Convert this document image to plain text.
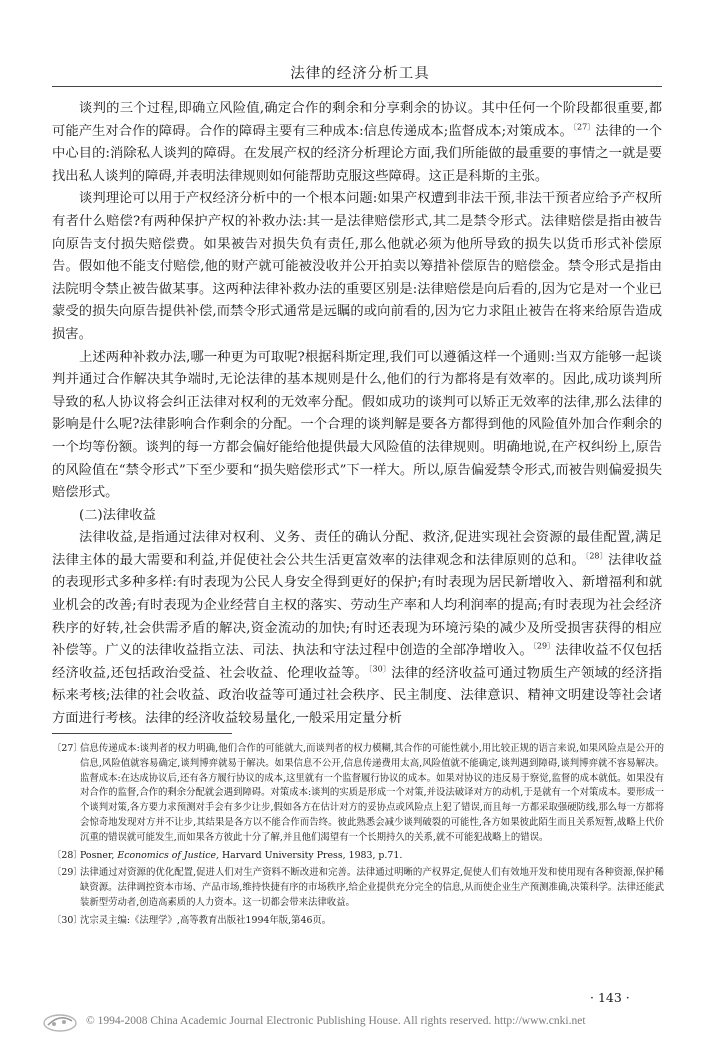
法律的经济分析工具

谈判的三个过程,即确立风险值,确定合作的剩余和分享剩余的协议。其中任何一个阶段都很重要,都可能产生对合作的障碍。合作的障碍主要有三种成本:信息传递成本;监督成本;对策成本。$^{〔27〕}$法律的一个中心目的:消除私人谈判的障碍。在发展产权的经济分析理论方面,我们所能做的最重要的事情之一就是要找出私人谈判的障碍,并表明法律规则如何能帮助克服这些障碍。这正是科斯的主张。

谈判理论可以用于产权经济分析中的一个根本问题:如果产权遭到非法干预,非法干预者应给予产权所有者什么赔偿?有两种保护产权的补救办法:其一是法律赔偿形式,其二是禁令形式。法律赔偿是指由被告向原告支付损失赔偿费。如果被告对损失负有责任,那么他就必须为他所导致的损失以货币形式补偿原告。假如他不能支付赔偿,他的财产就可能被没收并公开拍卖以筹措补偿原告的赔偿金。禁令形式是指由法院明令禁止被告做某事。这两种法律补救办法的重要区别是:法律赔偿是向后看的,因为它是对一个业已蒙受的损失向原告提供补偿,而禁令形式通常是远瞩的或向前看的,因为它力求阻止被告在将来给原告造成损害。

上述两种补救办法,哪一种更为可取呢?根据科斯定理,我们可以遵循这样一个通则:当双方能够一起谈判并通过合作解决其争端时,无论法律的基本规则是什么,他们的行为都将是有效率的。因此,成功谈判所导致的私人协议将会纠正法律对权利的无效率分配。假如成功的谈判可以矫正无效率的法律,那么法律的影响是什么呢?法律影响合作剩余的分配。一个合理的谈判解是要各方都得到他的风险值外加合作剩余的一个均等份额。谈判的每一方都会偏好能给他提供最大风险值的法律规则。明确地说,在产权纠纷上,原告的风险值在“禁令形式”下至少要和“损失赔偿形式”下一样大。所以,原告偏爱禁令形式,而被告则偏爱损失赔偿形式。

(二)法律收益

法律收益,是指通过法律对权利、义务、责任的确认分配、救济,促进实现社会资源的最佳配置,满足法律主体的最大需要和利益,并促使社会公共生活更富效率的法律观念和法律原则的总和。$^{〔28〕}$法律收益的表现形式多种多样:有时表现为公民人身安全得到更好的保护;有时表现为居民新增收入、新增福利和就业机会的改善;有时表现为企业经营自主权的落实、劳动生产率和人均利润率的提高;有时表现为社会经济秩序的好转,社会供需矛盾的解决,资金流动的加快;有时还表现为环境污染的减少及所受损害获得的相应补偿等。广义的法律收益指立法、司法、执法和守法过程中创造的全部净增收入。$^{〔29〕}$法律收益不仅包括经济收益,还包括政治受益、社会收益、伦理收益等。$^{〔30〕}$法律的经济收益可通过物质生产领域的经济指标来考核;法律的社会收益、政治收益等可通过社会秩序、民主制度、法律意识、精神文明建设等社会诸方面进行考核。法律的经济收益较易量化,一般采用定量分析

〔27〕
信息传递成本:谈判者的权力明确,他们合作的可能就大,而谈判者的权力模糊,其合作的可能性就小,用比较正规的语言来说,如果风险点是公开的信息,风险值就容易确定,谈判博弈就易于解决。如果信息不公开,信息传递费用太高,风险值就不能确定,谈判遇到障碍,谈判博弈就不容易解决。监督成本:在达成协议后,还有各方履行协议的成本,这里就有一个监督履行协议的成本。如果对协议的违反易于察觉,监督的成本就低。如果没有对合作的监督,合作的剩余分配就会遇到障碍。对策成本:谈判的实质是形成一个对策,并设法破译对方的动机,于是就有一个对策成本。要形成一个谈判对策,各方要力求预测对手会有多少让步,假如各方在估计对方的妥协点或风险点上犯了错误,而且每一方都采取强硬防线,那么每一方都将会惊奇地发现对方并不让步,其结果是各方以不能合作而告终。彼此熟悉会减少谈判破裂的可能性,各方如果彼此陌生而且关系短暂,战略上代价沉重的错误就可能发生,而如果各方彼此十分了解,并且他们渴望有一个长期持久的关系,就不可能犯战略上的错误。
〔28〕
Posner, Economics of Justice, Harvard University Press, 1983, p.71.
〔29〕
法律通过对资源的优化配置,促进人们对生产资料不断改进和完善。法律通过明晰的产权界定,促使人们有效地开发和使用现有各种资源,保护稀缺资源。法律调控资本市场、产品市场,维持快捷有序的市场秩序,给企业提供充分完全的信息,从而使企业生产预测准确,决策科学。法律还能武装新型劳动者,创造高素质的人力资本。这一切都会带来法律收益。
〔30〕
沈宗灵主编:《法理学》,高等教育出版社1994年版,第46页。
· 143 ·
© 1994-2008 China Academic Journal Electronic Publishing House. All rights reserved. http://www.cnki.net
